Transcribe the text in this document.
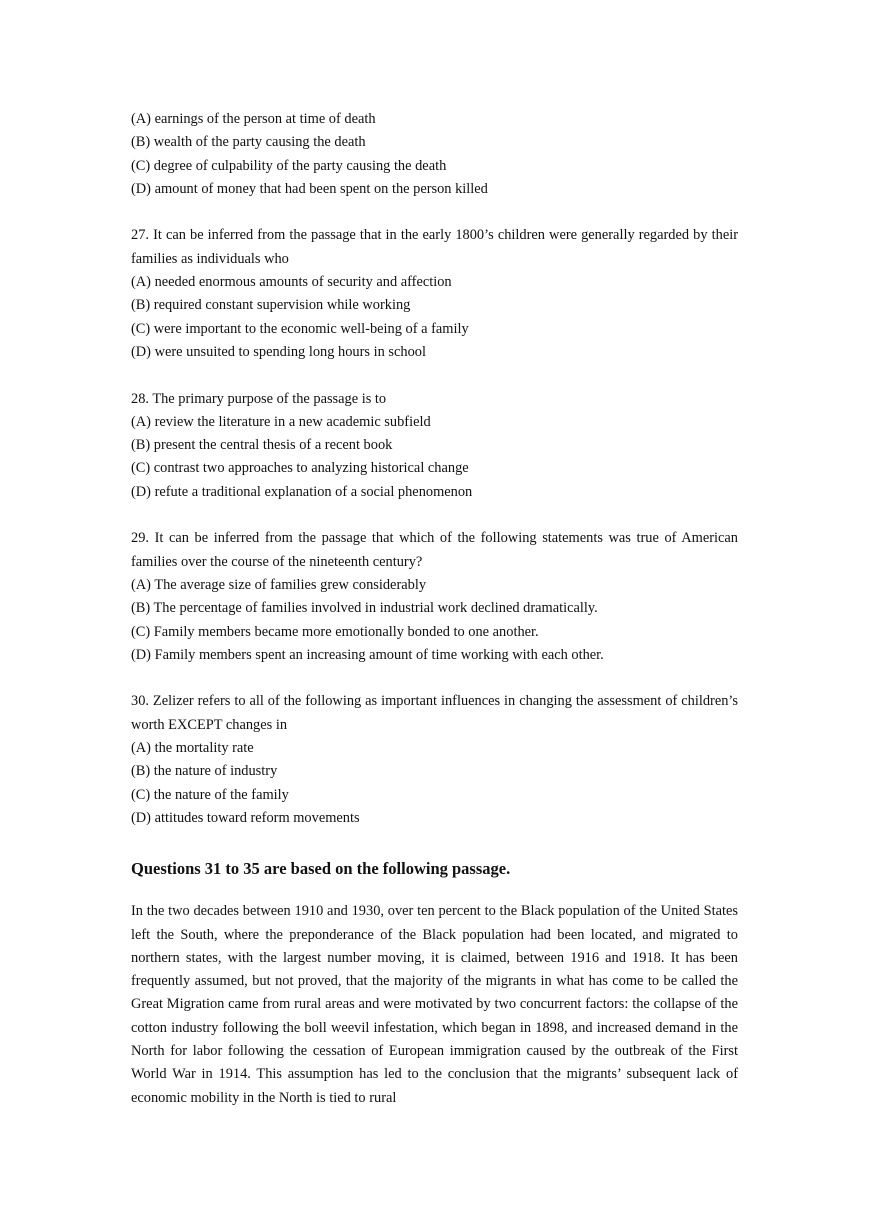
(A) earnings of the person at time of death
(B) wealth of the party causing the death
(C) degree of culpability of the party causing the death
(D) amount of money that had been spent on the person killed
27. It can be inferred from the passage that in the early 1800’s children were generally regarded by their families as individuals who
(A) needed enormous amounts of security and affection
(B) required constant supervision while working
(C) were important to the economic well-being of a family
(D) were unsuited to spending long hours in school
28. The primary purpose of the passage is to
(A) review the literature in a new academic subfield
(B) present the central thesis of a recent book
(C) contrast two approaches to analyzing historical change
(D) refute a traditional explanation of a social phenomenon
29. It can be inferred from the passage that which of the following statements was true of American families over the course of the nineteenth century?
(A) The average size of families grew considerably
(B) The percentage of families involved in industrial work declined dramatically.
(C) Family members became more emotionally bonded to one another.
(D) Family members spent an increasing amount of time working with each other.
30. Zelizer refers to all of the following as important influences in changing the assessment of children’s worth EXCEPT changes in
(A) the mortality rate
(B) the nature of industry
(C) the nature of the family
(D) attitudes toward reform movements
Questions 31 to 35 are based on the following passage.
In the two decades between 1910 and 1930, over ten percent to the Black population of the United States left the South, where the preponderance of the Black population had been located, and migrated to northern states, with the largest number moving, it is claimed, between 1916 and 1918. It has been frequently assumed, but not proved, that the majority of the migrants in what has come to be called the Great Migration came from rural areas and were motivated by two concurrent factors: the collapse of the cotton industry following the boll weevil infestation, which began in 1898, and increased demand in the North for labor following the cessation of European immigration caused by the outbreak of the First World War in 1914. This assumption has led to the conclusion that the migrants’ subsequent lack of economic mobility in the North is tied to rural
